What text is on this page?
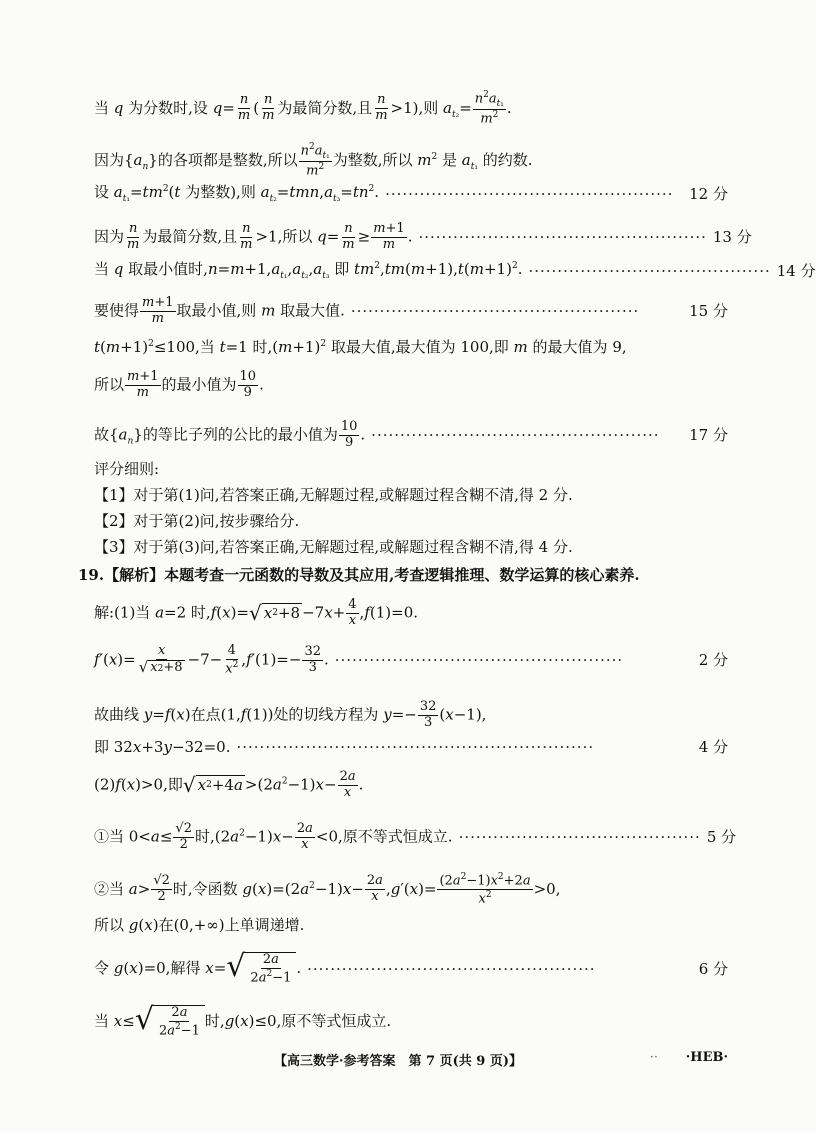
当 q 为分数时,设 $q= \frac{n}{m}$ ( $\frac{n}{m}$ 为最简分数,且 $\frac{n}{m} >1$),则 $a_{t_2}= \frac{n^2a_{t_1}}{m^2}$ .
因为$\{a_n\}$的各项都是整数,所以 $\frac{n^2a_{t_1}}{m^2}$ 为整数,所以 $m^2$ 是 $a_{t_1}$ 的约数.
设 $a_{t_1}=tm^2(t$ 为整数),则 $a_{t_2}=tmn,a_{t_3}=tn^2$. ··················································	12 分
因为 $\frac{n}{m}$ 为最简分数,且 $\frac{n}{m} >1$,所以 $q= \frac{n}{m} \ge \frac{m+1}{m}$ . ·················································· 13 分
当 q 取最小值时$,n=m+1,a_{t_1},a_{t_2},a_{t_3}$ 即 $tm^2,tm(m+1),t(m+1)^2$. ·········································· 14 分
要使得 $\frac{m+1}{m}$ 取最小值,则 m 取最大值. ··················································	15 分
$t(m+1)^2\le 100$,当 t=1 时$,(m+1)^2$ 取最大值,最大值为 100,即 m 的最大值为 9,
所以 $\frac{m+1}{m}$ 的最小值为 $\frac{10}{9}$ .
故$\{a_n\}$的等比子列的公比的最小值为 $\frac{10}{9}$ . ··················································	17 分
评分细则:
【1】对于第(1)问,若答案正确,无解题过程,或解题过程含糊不清,得 2 分.
【2】对于第(2)问,按步骤给分.
【3】对于第(3)问,若答案正确,无解题过程,或解题过程含糊不清,得 4 分.
19.【解析】本题考查一元函数的导数及其应用,考查逻辑推理、数学运算的核心素养.
解:(1)当 a=2 时,f(x)= √ x $2 +8 -7x+ \frac{4}{x} ,f(1)=0$.
$f'(x)= \frac{x}{√ x 2 +8} -7- \frac{4}{x^2} ,f'(1)=- \frac{32}{3}$ . ··················································	2 分
故曲线 y=f(x)在点(1,f(1))处的切线方程为 $y=- \frac{32}{3} (x-1)$,
即 32x+3y−32=0. ······························································	4 分
(2)f(x)>0,即 √ x 2 +4 $a >(2a^2-1)x- \frac{2a}{x}$ .
①当 $0<a\le \frac{√2}{2}$ 时$,(2a^2-1)x- \frac{2a}{x} <0$,原不等式恒成立. ·········································· 5 分
②当 $a> \frac{√2}{2}$ 时,令函数 $g(x)=(2a^2-1)x- \frac{2a}{x} ,g'(x)= \frac{(2a^2-1)x^2+2a}{x^2} >0$,
所以 g(x)在(0,+∞)上单调递增.
令 g(x)=0,解得 x= √ $\frac{2a}{2a^2-1}$ . ··················································	6 分
当 x≤ √ $\frac{2a}{2a^2-1}$ 时,g(x)≤0,原不等式恒成立.
【高三数学·参考答案　第 7 页(共 9 页)】	·· ·HEB·
